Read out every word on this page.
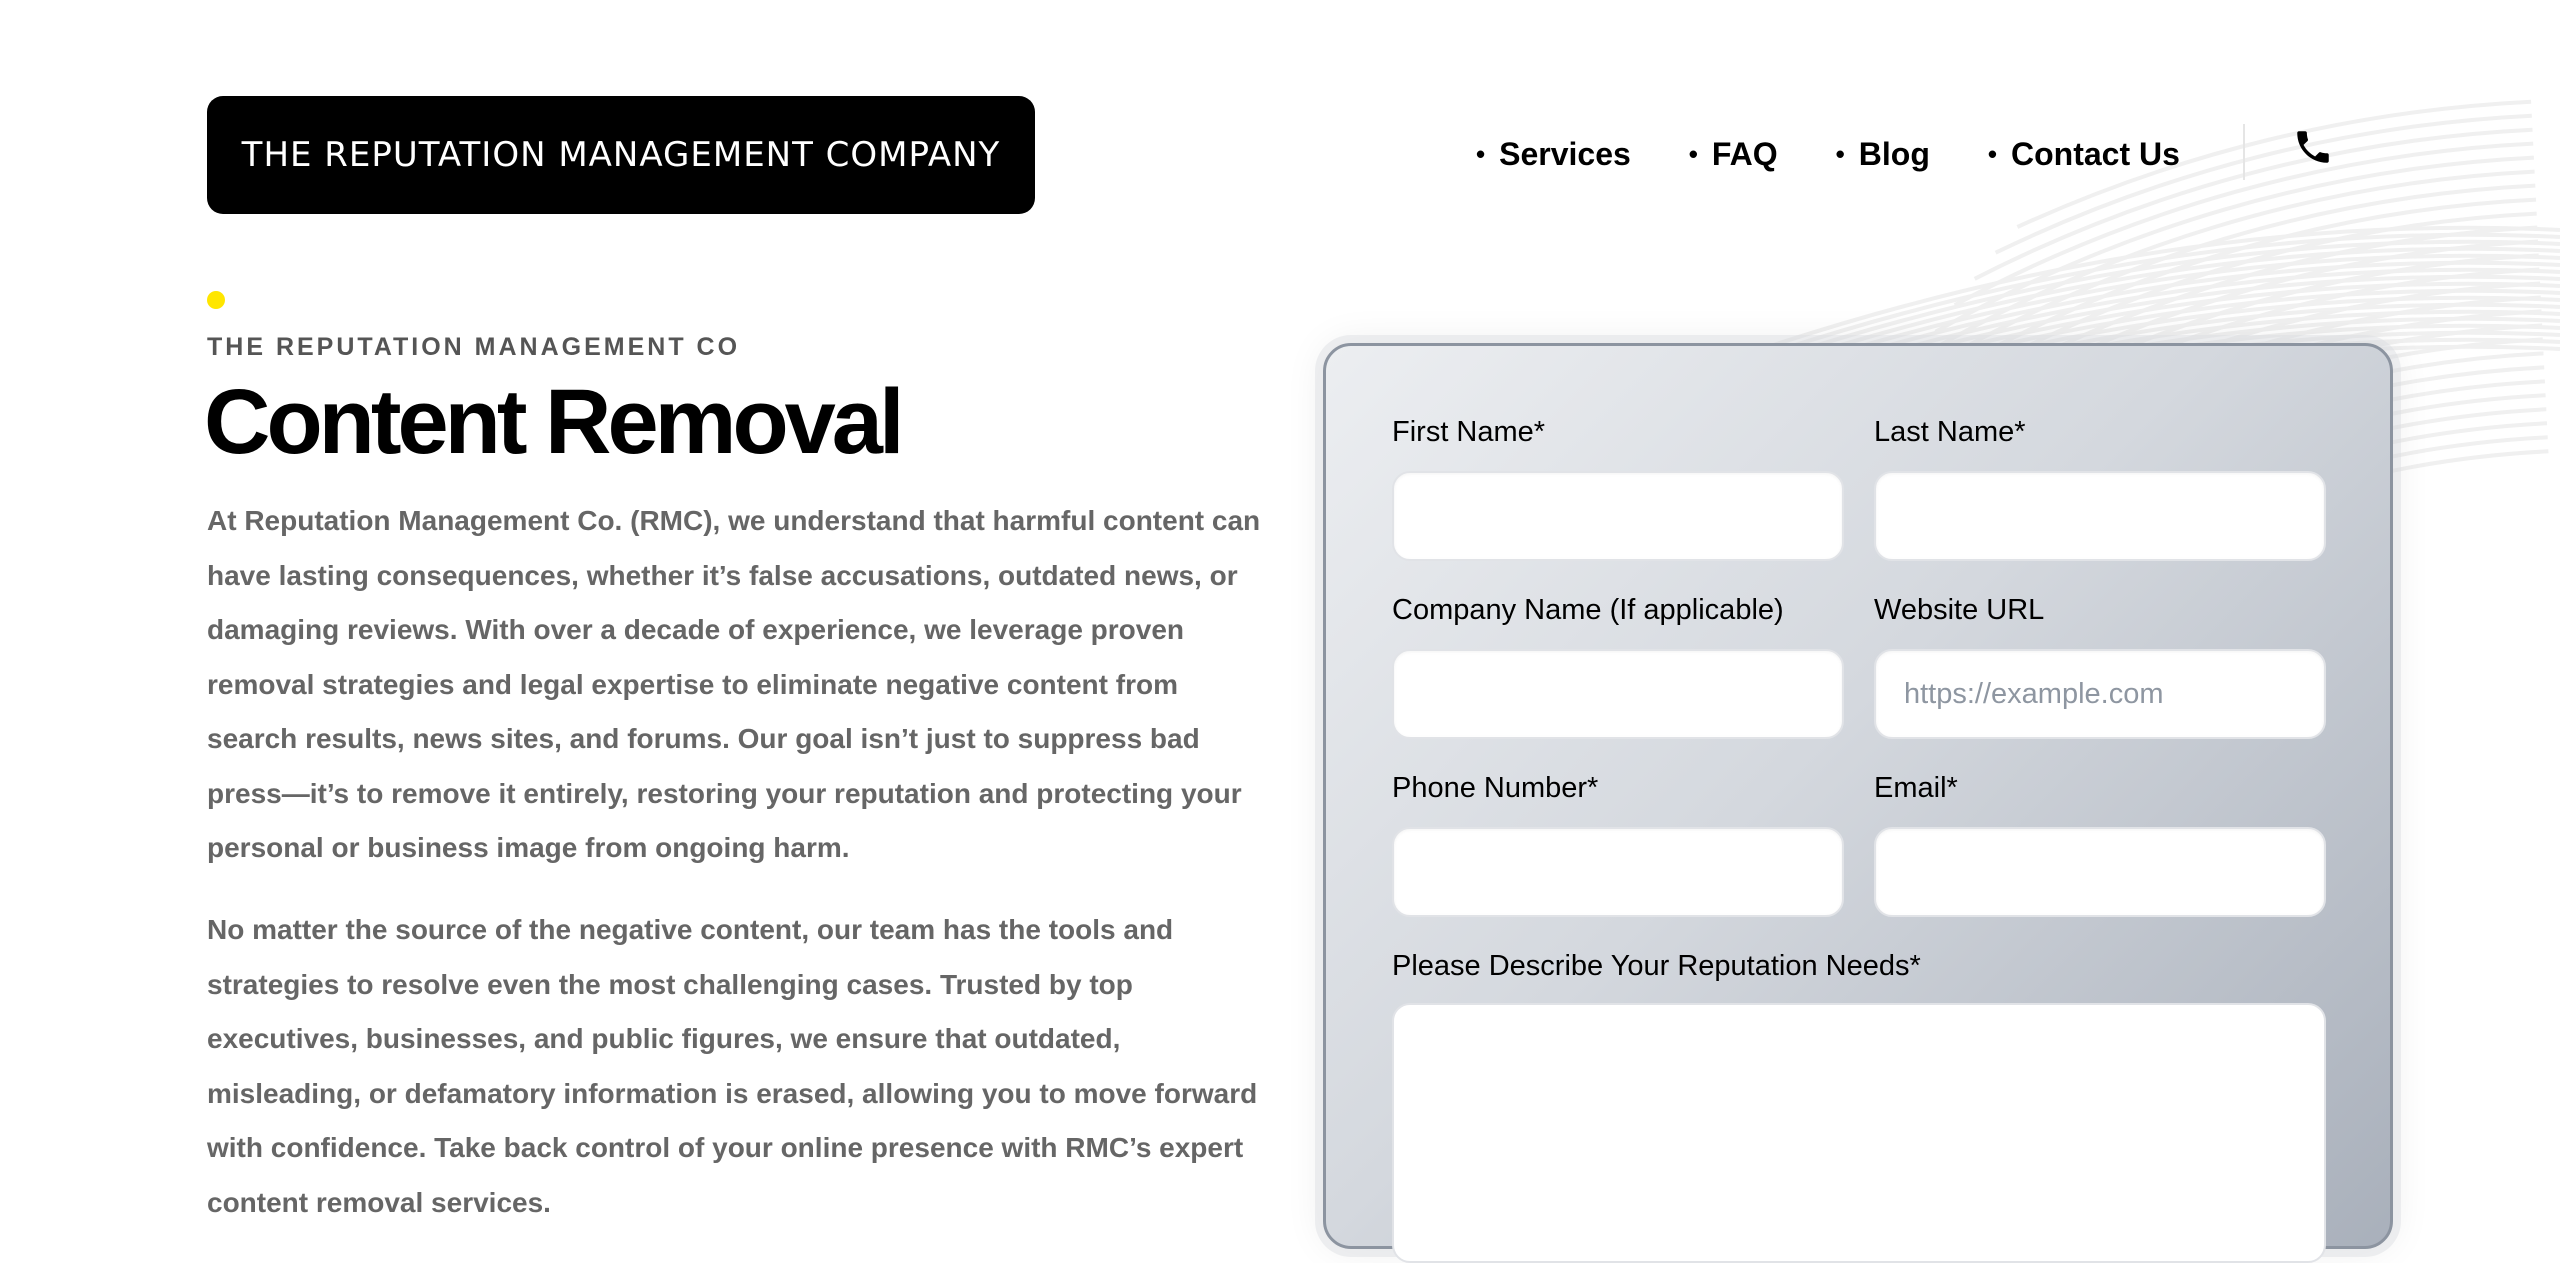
THE REPUTATION MANAGEMENT COMPANY	• Services • FAQ • Blog • Contact Us
THE REPUTATION MANAGEMENT CO
Content Removal

At Reputation Management Co. (RMC), we understand that harmful content can have lasting consequences, whether it’s false accusations, outdated news, or damaging reviews. With over a decade of experience, we leverage proven removal strategies and legal expertise to eliminate negative content from search results, news sites, and forums. Our goal isn’t just to suppress bad press—it’s to remove it entirely, restoring your reputation and protecting your personal or business image from ongoing harm.

No matter the source of the negative content, our team has the tools and strategies to resolve even the most challenging cases. Trusted by top executives, businesses, and public figures, we ensure that outdated, misleading, or defamatory information is erased, allowing you to move forward with confidence. Take back control of your online presence with RMC’s expert content removal services.

First Name*	Last Name*
Company Name (If applicable)	Website URL
https://example.com
Phone Number*	Email*
Please Describe Your Reputation Needs*
